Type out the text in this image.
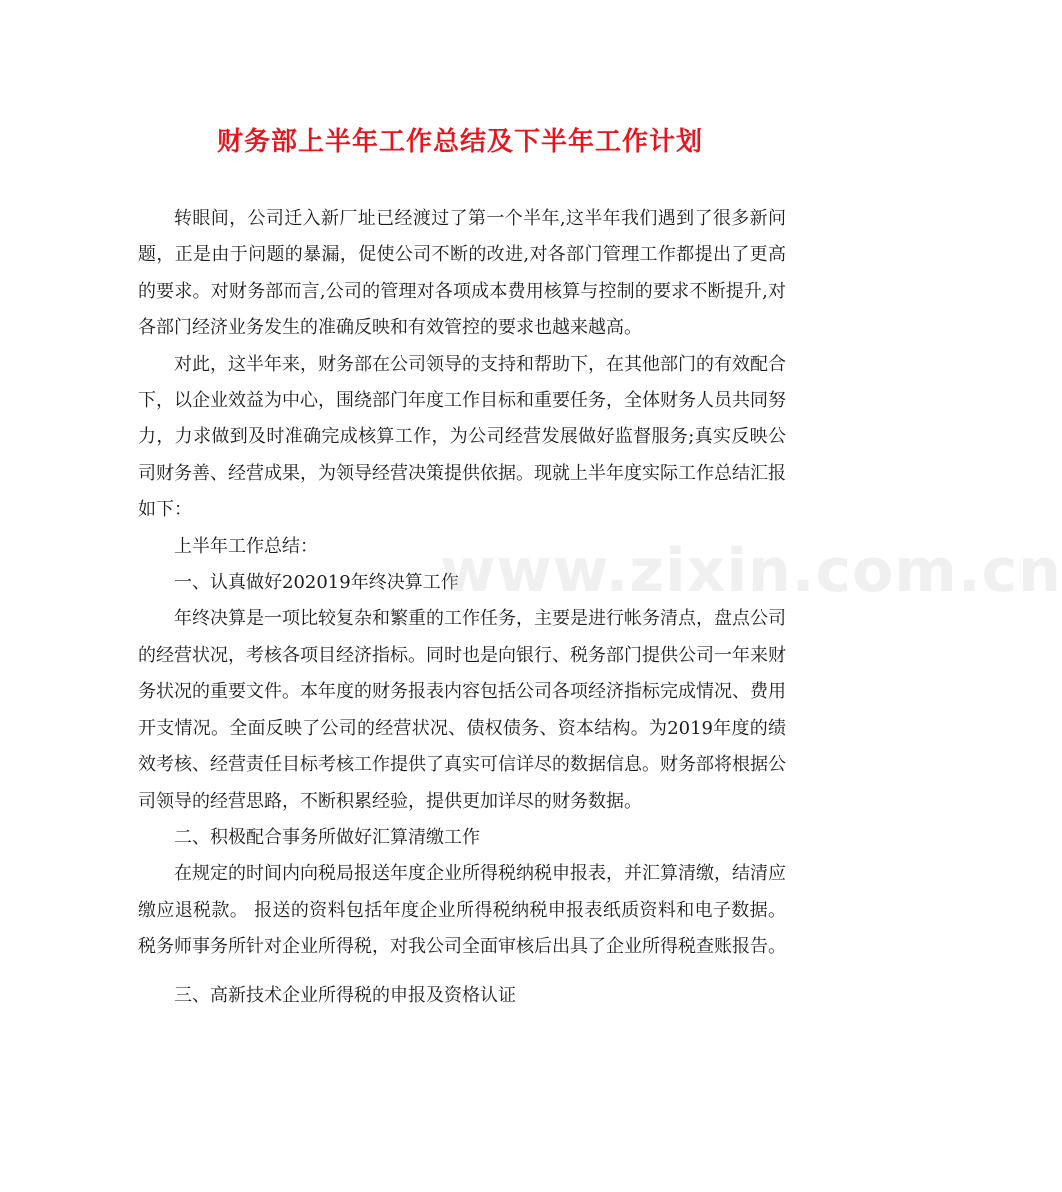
财务部上半年工作总结及下半年工作计划

转眼间，公司迁入新厂址已经渡过了第一个半年,这半年我们遇到了很多新问题，正是由于问题的暴漏，促使公司不断的改进,对各部门管理工作都提出了更高的要求。对财务部而言,公司的管理对各项成本费用核算与控制的要求不断提升,对各部门经济业务发生的准确反映和有效管控的要求也越来越高。

对此，这半年来，财务部在公司领导的支持和帮助下，在其他部门的有效配合下，以企业效益为中心，围绕部门年度工作目标和重要任务，全体财务人员共同努力，力求做到及时准确完成核算工作，为公司经营发展做好监督服务;真实反映公司财务善、经营成果，为领导经营决策提供依据。现就上半年度实际工作总结汇报如下：

上半年工作总结：

一、认真做好202019年终决算工作

年终决算是一项比较复杂和繁重的工作任务，主要是进行帐务清点，盘点公司的经营状况，考核各项目经济指标。同时也是向银行、税务部门提供公司一年来财务状况的重要文件。本年度的财务报表内容包括公司各项经济指标完成情况、费用开支情况。全面反映了公司的经营状况、债权债务、资本结构。为2019年度的绩效考核、经营责任目标考核工作提供了真实可信详尽的数据信息。财务部将根据公司领导的经营思路，不断积累经验，提供更加详尽的财务数据。

二、积极配合事务所做好汇算清缴工作

在规定的时间内向税局报送年度企业所得税纳税申报表，并汇算清缴，结清应缴应退税款。 报送的资料包括年度企业所得税纳税申报表纸质资料和电子数据。税务师事务所针对企业所得税，对我公司全面审核后出具了企业所得税查账报告。

三、高新技术企业所得税的申报及资格认证

www.zixin.com.cn
